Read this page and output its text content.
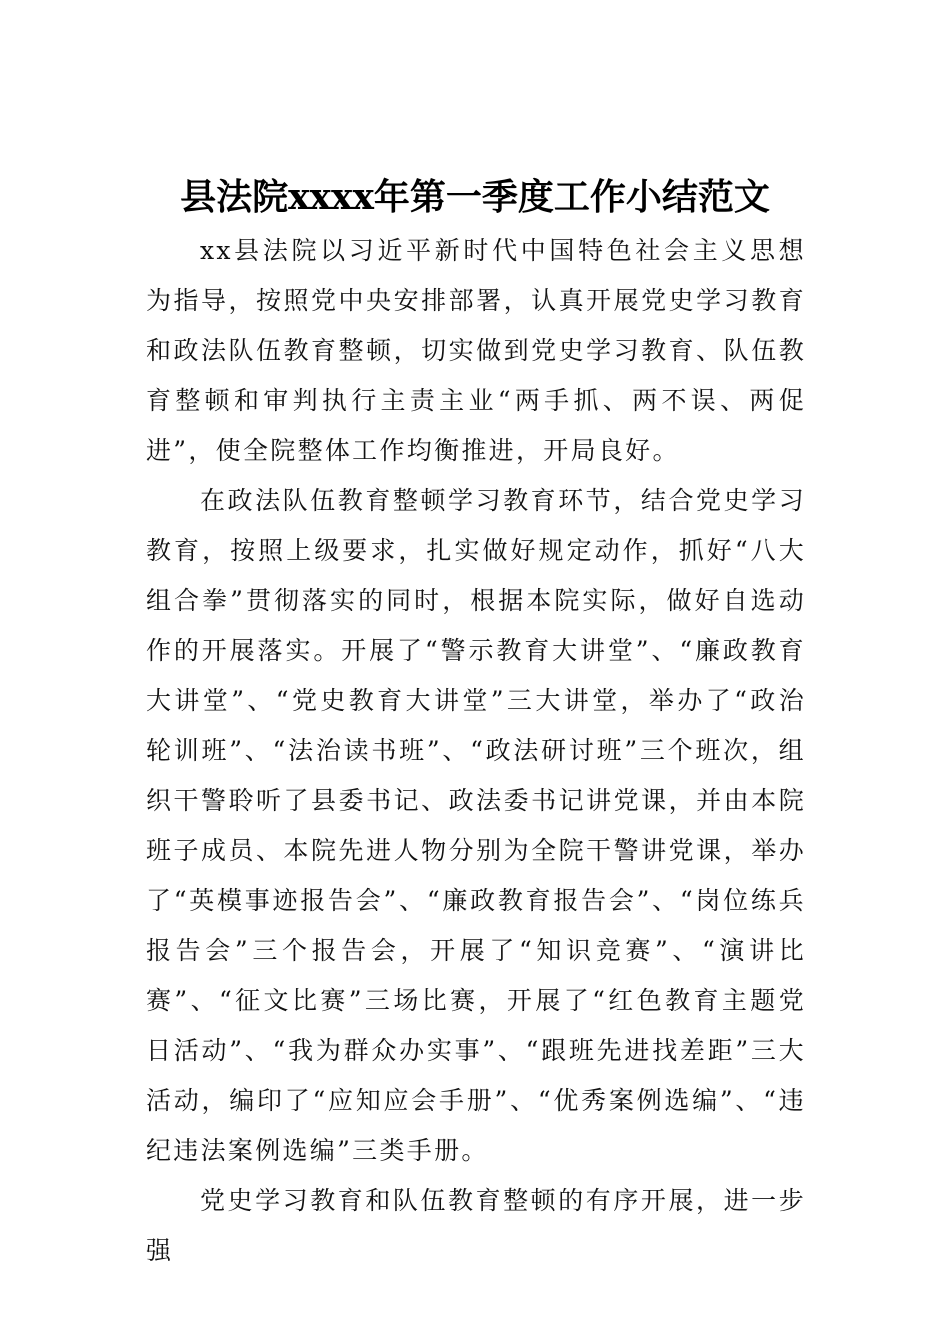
县法院xxxx年第一季度工作小结范文

xx县法院以习近平新时代中国特色社会主义思想为指导，按照党中央安排部署，认真开展党史学习教育和政法队伍教育整顿，切实做到党史学习教育、队伍教育整顿和审判执行主责主业“两手抓、两不误、两促进”，使全院整体工作均衡推进，开局良好。

在政法队伍教育整顿学习教育环节，结合党史学习教育，按照上级要求，扎实做好规定动作，抓好“八大组合拳”贯彻落实的同时，根据本院实际，做好自选动作的开展落实。开展了“警示教育大讲堂”、“廉政教育大讲堂”、“党史教育大讲堂”三大讲堂，举办了“政治轮训班”、“法治读书班”、“政法研讨班”三个班次，组织干警聆听了县委书记、政法委书记讲党课，并由本院班子成员、本院先进人物分别为全院干警讲党课，举办了“英模事迹报告会”、“廉政教育报告会”、“岗位练兵报告会”三个报告会，开展了“知识竞赛”、“演讲比赛”、“征文比赛”三场比赛，开展了“红色教育主题党日活动”、“我为群众办实事”、“跟班先进找差距”三大活动，编印了“应知应会手册”、“优秀案例选编”、“违纪违法案例选编”三类手册。

党史学习教育和队伍教育整顿的有序开展，进一步强
